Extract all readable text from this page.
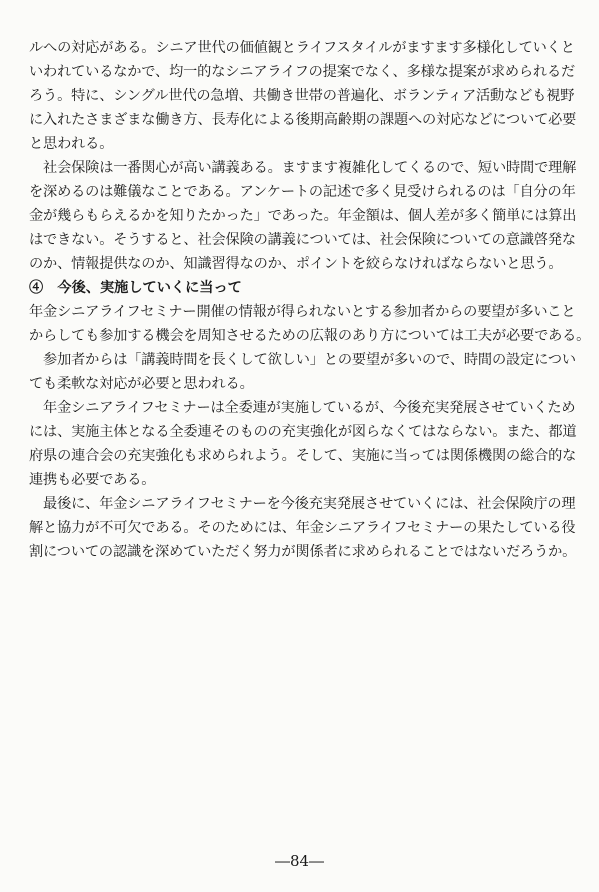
ルへの対応がある。シニア世代の価値観とライフスタイルがますます多様化していくと
いわれているなかで、均一的なシニアライフの提案でなく、多様な提案が求められるだ
ろう。特に、シングル世代の急増、共働き世帯の普遍化、ボランティア活動なども視野
に入れたさまざまな働き方、長寿化による後期高齢期の課題への対応などについて必要
と思われる。
　社会保険は一番関心が高い講義ある。ますます複雑化してくるので、短い時間で理解
を深めるのは難儀なことである。アンケートの記述で多く見受けられるのは「自分の年
金が幾らもらえるかを知りたかった」であった。年金額は、個人差が多く簡単には算出
はできない。そうすると、社会保険の講義については、社会保険についての意識啓発な
のか、情報提供なのか、知識習得なのか、ポイントを絞らなければならないと思う。
④　今後、実施していくに当って
年金シニアライフセミナー開催の情報が得られないとする参加者からの要望が多いこと
からしても参加する機会を周知させるための広報のあり方については工夫が必要である。
　参加者からは「講義時間を長くして欲しい」との要望が多いので、時間の設定につい
ても柔軟な対応が必要と思われる。
　年金シニアライフセミナーは全委連が実施しているが、今後充実発展させていくため
には、実施主体となる全委連そのものの充実強化が図らなくてはならない。また、都道
府県の連合会の充実強化も求められよう。そして、実施に当っては関係機関の総合的な
連携も必要である。
　最後に、年金シニアライフセミナーを今後充実発展させていくには、社会保険庁の理
解と協力が不可欠である。そのためには、年金シニアライフセミナーの果たしている役
割についての認識を深めていただく努力が関係者に求められることではないだろうか。
―84―
